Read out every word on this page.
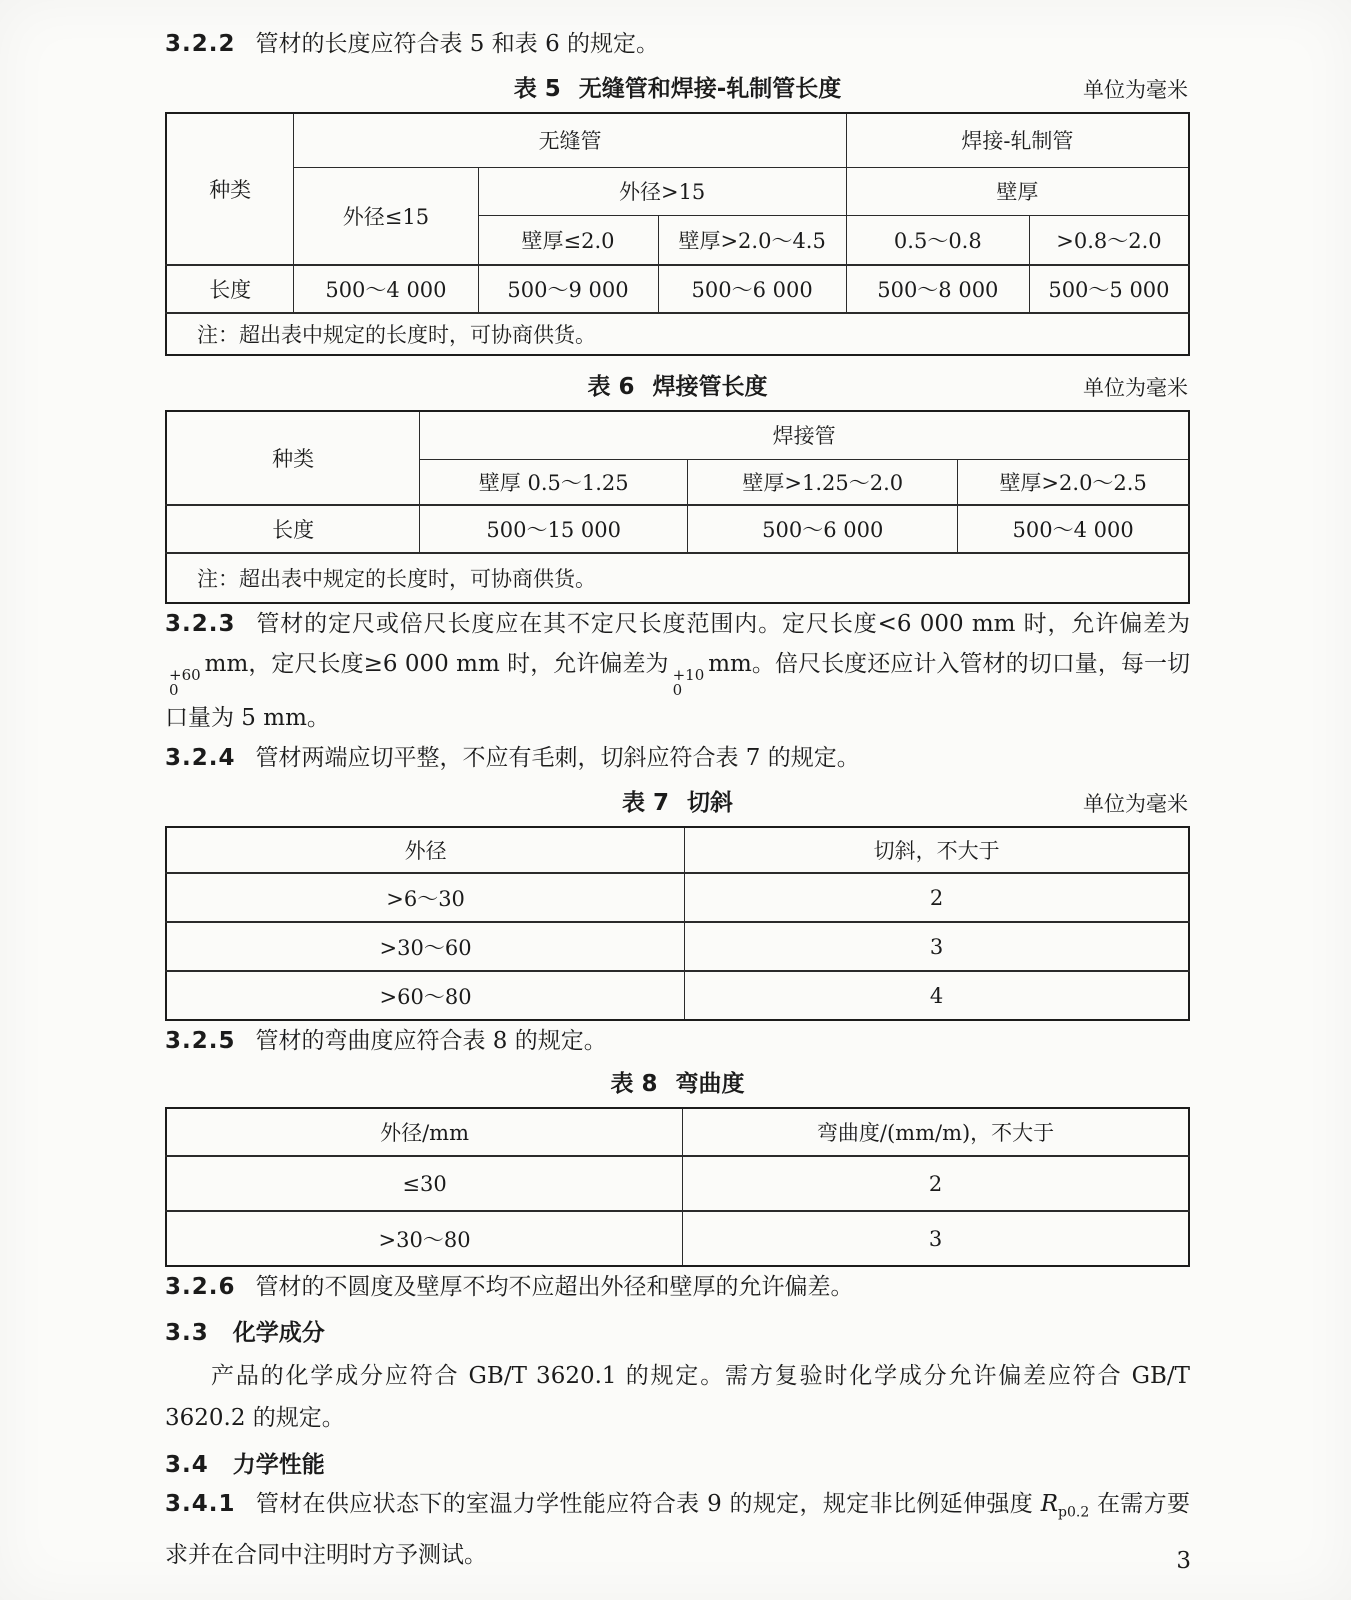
3.2.2 管材的长度应符合表 5 和表 6 的规定。

表 5 无缝管和焊接-轧制管长度	单位为毫米
种类	无缝管			焊接-轧制管	
	外径≤15	外径>15		壁厚	
		壁厚≤2.0	壁厚>2.0～4.5	0.5～0.8	>0.8～2.0
长度	500～4 000	500～9 000	500～6 000	500～8 000	500～5 000
注：超出表中规定的长度时，可协商供货。					
表 6 焊接管长度	单位为毫米
种类	焊接管		
	壁厚 0.5～1.25	壁厚>1.25～2.0	壁厚>2.0～2.5
长度	500～15 000	500～6 000	500～4 000
注：超出表中规定的长度时，可协商供货。			

3.2.3 管材的定尺或倍尺长度应在其不定尺长度范围内。定尺长度<6 000 mm 时，允许偏差为
+60
0
mm，定尺长度≥6 000 mm 时，允许偏差为 +10
0
mm。倍尺长度还应计入管材的切口量，每一切口量为 5 mm。

3.2.4 管材两端应切平整，不应有毛刺，切斜应符合表 7 的规定。

表 7 切斜	单位为毫米
外径	切斜，不大于
>6～30	2
>30～60	3
>60～80	4

3.2.5 管材的弯曲度应符合表 8 的规定。

表 8 弯曲度
外径/mm	弯曲度/(mm/m)，不大于
≤30	2
>30～80	3

3.2.6 管材的不圆度及壁厚不均不应超出外径和壁厚的允许偏差。

3.3 化学成分

产品的化学成分应符合 GB/T 3620.1 的规定。需方复验时化学成分允许偏差应符合 GB/T 3620.2 的规定。

3.4 力学性能

3.4.1 管材在供应状态下的室温力学性能应符合表 9 的规定，规定非比例延伸强度 $R_{p0.2}$ 在需方要求并在合同中注明时方予测试。	3
